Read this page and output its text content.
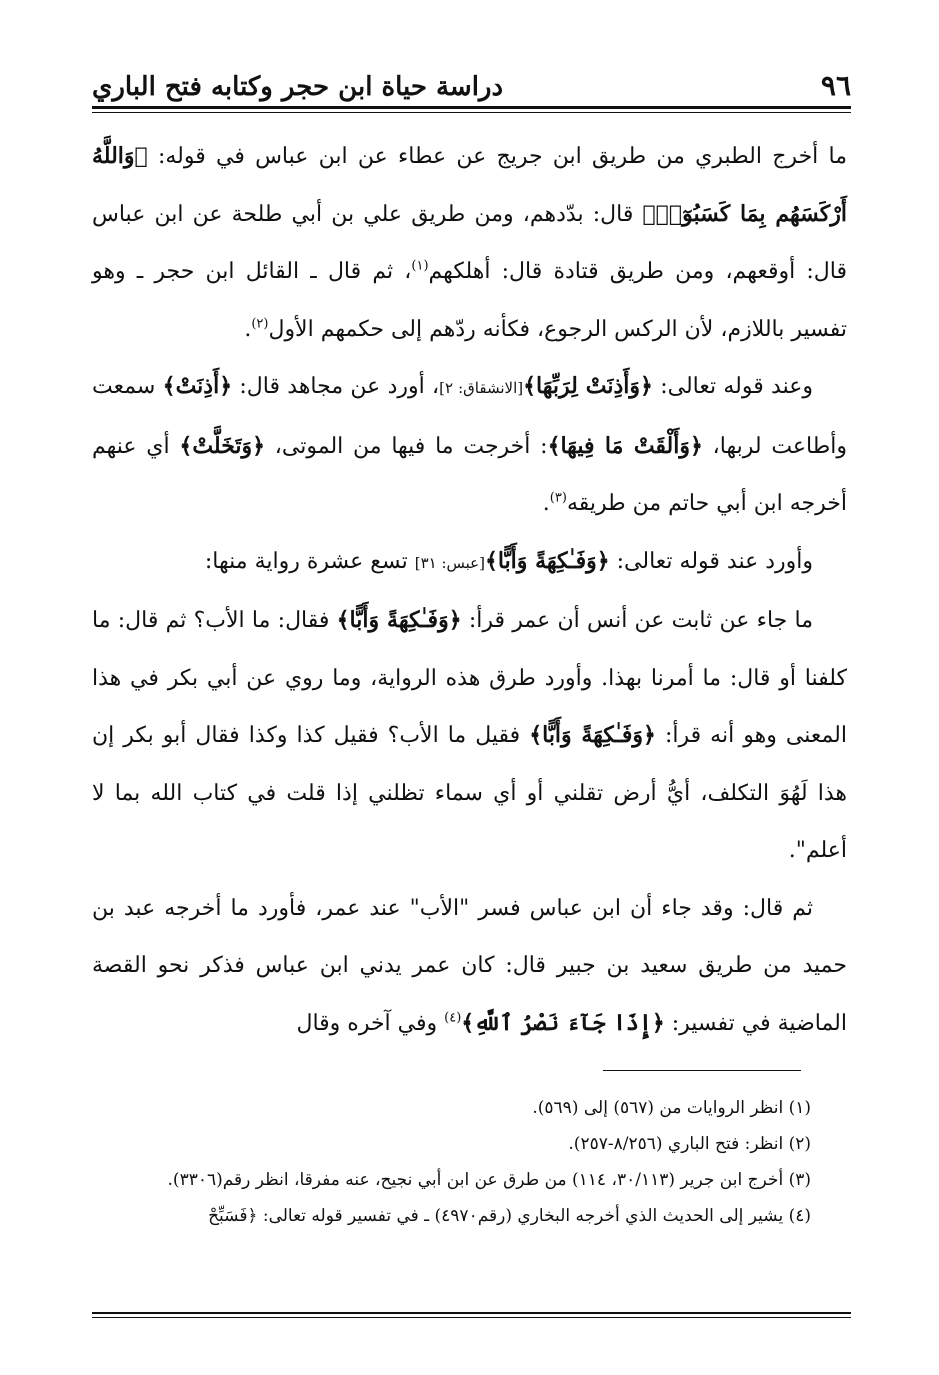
٩٦
دراسة حياة ابن حجر وكتابه فتح الباري

ما أخرج الطبري من طريق ابن جريج عن عطاء عن ابن عباس في قوله: ﴿وَاللَّهُ أَرْكَسَهُم بِمَا كَسَبُوٓا۟﴾ قال: بدّدهم، ومن طريق علي بن أبي طلحة عن ابن عباس قال: أوقعهم، ومن طريق قتادة قال: أهلكهم$^{(١)}$، ثم قال ـ القائل ابن حجر ـ وهو تفسير باللازم، لأن الركس الرجوع، فكأنه ردّهم إلى حكمهم الأول$^{(٢)}$.

وعند قوله تعالى: ﴿وَأَذِنَتْ لِرَبِّهَا﴾[الانشقاق: ٢]، أورد عن مجاهد قال: ﴿أَذِنَتْ﴾ سمعت وأطاعت لربها، ﴿وَأَلْقَتْ مَا فِيهَا﴾: أخرجت ما فيها من الموتى، ﴿وَتَخَلَّتْ﴾ أي عنهم أخرجه ابن أبي حاتم من طريقه$^{(٣)}$.

وأورد عند قوله تعالى: ﴿وَفَـٰكِهَةً وَأَبًّا﴾[عبس: ٣١] تسع عشرة رواية منها:

ما جاء عن ثابت عن أنس أن عمر قرأ: ﴿وَفَـٰكِهَةً وَأَبًّا﴾ فقال: ما الأب؟ ثم قال: ما كلفنا أو قال: ما أمرنا بهذا. وأورد طرق هذه الرواية، وما روي عن أبي بكر في هذا المعنى وهو أنه قرأ: ﴿وَفَـٰكِهَةً وَأَبًّا﴾ فقيل ما الأب؟ فقيل كذا وكذا فقال أبو بكر إن هذا لَهُوَ التكلف، أيُّ أرض تقلني أو أي سماء تظلني إذا قلت في كتاب الله بما لا أعلم".

ثم قال: وقد جاء أن ابن عباس فسر "الأب" عند عمر، فأورد ما أخرجه عبد بن حميد من طريق سعيد بن جبير قال: كان عمر يدني ابن عباس فذكر نحو القصة الماضية في تفسير: ﴿إِذَا جَآءَ نَصْرُ ٱللَّهِ﴾$^{(٤)}$ وفي آخره وقال

(١) انظر الروايات من (٥٦٧) إلى (٥٦٩).

(٢) انظر: فتح الباري (٨/٢٥٦-٢٥٧).

(٣) أخرج ابن جرير (٣٠/١١٣، ١١٤) من طرق عن ابن أبي نجيح، عنه مفرقا، انظر رقم(٣٣٠٦).

(٤) يشير إلى الحديث الذي أخرجه البخاري (رقم٤٩٧٠) ـ في تفسير قوله تعالى: ﴿فَسَبِّحْ
